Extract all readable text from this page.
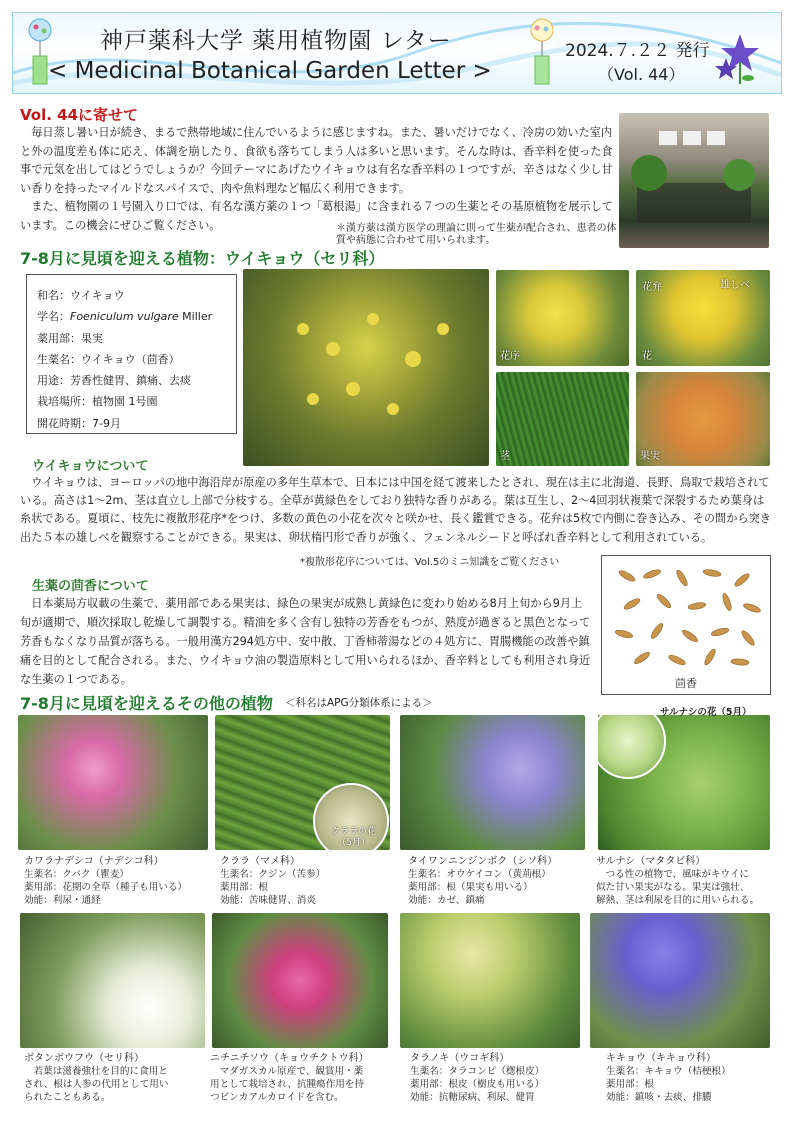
神戸薬科大学 薬用植物園 レター
< Medicinal Botanical Garden Letter >
2024.７.２２ 発行
（Vol. 44）
Vol. 44に寄せて
毎日蒸し暑い日が続き、まるで熱帯地域に住んでいるように感じますね。また、暑いだけでなく、冷房の効いた室内と外の温度差も体に応え、体調を崩したり、食欲も落ちてしまう人は多いと思います。そんな時は、香辛料を使った食事で元気を出してはどうでしょうか？今回テーマにあげたウイキョウは有名な香辛料の１つですが、辛さはなく少し甘い香りを持ったマイルドなスパイスで、肉や魚料理など幅広く利用できます。
また、植物園の１号園入り口では、有名な漢方薬の１つ「葛根湯」に含まれる７つの生薬とその基原植物を展示しています。この機会にぜひご覧ください。	＊漢方薬は漢方医学の理論に則って生薬が配合され、患者の体質や病態に合わせて用いられます。
7-8月に見頃を迎える植物：ウイキョウ（セリ科）
和名：ウイキョウ
学名：Foeniculum vulgare Miller
薬用部：果実
生薬名：ウイキョウ（茴香）
用途：芳香性健胃、鎮痛、去痰
栽培場所：植物園 1号園
開花時期：7-9月
花序
花弁	雄しべ
花
茎	果実
ウイキョウについて
ウイキョウは、ヨーロッパの地中海沿岸が原産の多年生草本で、日本には中国を経て渡来したとされ、現在は主に北海道、長野、鳥取で栽培されている。高さは1～2m、茎は直立し上部で分枝する。全草が黄緑色をしており独特な香りがある。葉は互生し、2～4回羽状複葉で深裂するため葉身は糸状である。夏頃に、枝先に複散形花序*をつけ、多数の黄色の小花を次々と咲かせ、長く鑑賞できる。花弁は5枚で内側に巻き込み、その間から突き出た５本の雄しべを観察することができる。果実は、卵状楕円形で香りが強く、フェンネルシードと呼ばれ香辛料として利用されている。
*複散形花序については、Vol.5のミニ知識をご覧ください
生薬の茴香について
日本薬局方収載の生薬で、薬用部である果実は、緑色の果実が成熟し黄緑色に変わり始める8月上旬から9月上旬が適期で、順次採取し乾燥して調製する。精油を多く含有し独特の芳香をもつが、熟度が過ぎると黒色となって芳香もなくなり品質が落ちる。一般用漢方294処方中、安中散、丁香柿蒂湯などの４処方に、胃腸機能の改善や鎮痛を目的として配合される。また、ウイキョウ油の製造原料として用いられるほか、香辛料としても利用され身近な生薬の１つである。	茴香
7-8月に見頃を迎えるその他の植物 ＜科名はAPG分類体系による＞
クララの花
（5月）
サルナシの花（5月）
カワラナデシコ（ナデシコ科）
生薬名：クバク（瞿麦）
薬用部：花期の全草（種子も用いる）
効能：利尿・通経
クララ（マメ科）
生薬名：クジン（苦参）
薬用部：根
効能：苦味健胃、消炎
タイワンニンジンボク（シソ科）
生薬名：オウケイコン（黄荊根）
薬用部：根（果実も用いる）
効能：カゼ、鎮痛
サルナシ（マタタビ科）
つる性の植物で、風味がキウイに
似た甘い果実がなる。果実は強壮、
解熱、茎は利尿を目的に用いられる。
ボタンボウフウ（セリ科）
若葉は滋養強壮を目的に食用と
され、根は人参の代用として用い
られたこともある。
ニチニチソウ（キョウチクトウ科）
マダガスカル原産で、観賞用・薬
用として栽培され、抗腫瘍作用を持
つビンカアルカロイドを含む。
タラノキ（ウコギ科）
生薬名：タラコンピ（楤根皮）
薬用部：根皮（樹皮も用いる）
効能：抗糖尿病、利尿、健胃
キキョウ（キキョウ科）
生薬名：キキョウ（桔梗根）
薬用部：根
効能：鎮咳・去痰、排膿
